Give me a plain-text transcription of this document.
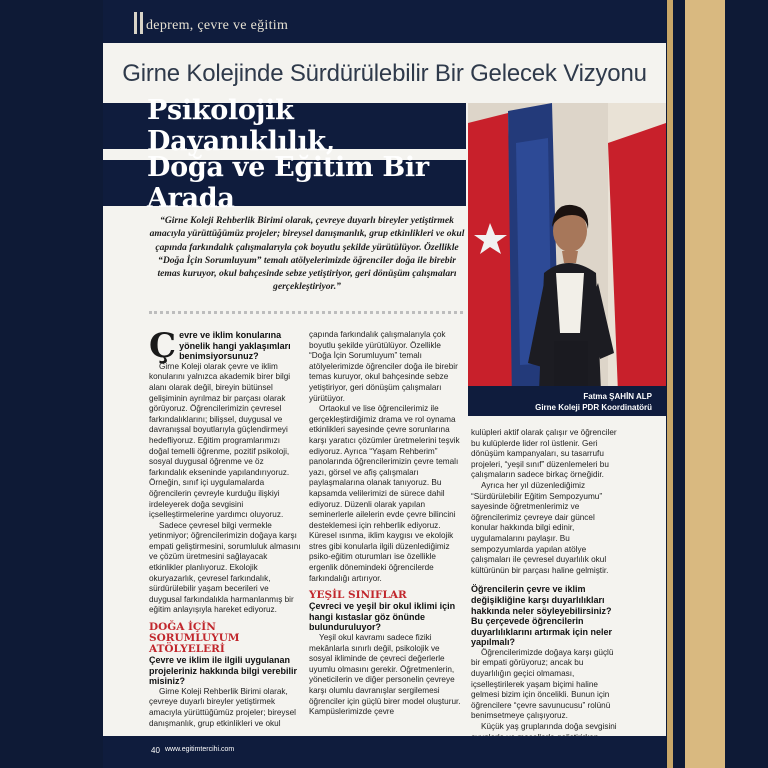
deprem, çevre ve eğitim
Girne Kolejinde Sürdürülebilir Bir Gelecek Vizyonu
Psikolojik Dayanıklılık,
Doğa ve Eğitim Bir Arada
Fatma ŞAHİN ALP
Girne Koleji PDR Koordinatörü
“Girne Koleji Rehberlik Birimi olarak, çevreye duyarlı bireyler yetiştirmek amacıyla yürüttüğümüz projeler; bireysel danışmanlık, grup etkinlikleri ve okul çapında farkındalık çalışmalarıyla çok boyutlu şekilde yürütülüyor. Özellikle “Doğa İçin Sorumluyum” temalı atölyelerimizde öğrenciler doğa ile birebir temas kuruyor, okul bahçesinde sebze yetiştiriyor, geri dönüşüm çalışmaları gerçekleştiriyor.”

Çevre ve iklim konularına yönelik hangi yaklaşımları benimsiyorsunuz?

Girne Koleji olarak çevre ve iklim konularını yalnızca akademik birer bilgi alanı olarak değil, bireyin bütünsel gelişiminin ayrılmaz bir parçası olarak görüyoruz. Öğrencilerimizin çevresel farkındalıklarını; bilişsel, duygusal ve davranışsal boyutlarıyla güçlendirmeyi hedefliyoruz. Eğitim programlarımızı doğal temelli öğrenme, pozitif psikoloji, sosyal duygusal öğrenme ve öz farkındalık ekseninde yapılandırıyoruz. Örneğin, sınıf içi uygulamalarda öğrencilerin çevreyle kurduğu ilişkiyi irdeleyerek doğa sevgisini içselleştirmelerine yardımcı oluyoruz.

Sadece çevresel bilgi vermekle yetinmiyor; öğrencilerimizin doğaya karşı empati geliştirmesini, sorumluluk almasını ve çözüm üretmesini sağlayacak etkinlikler planlıyoruz. Ekolojik okuryazarlık, çevresel farkındalık, sürdürülebilir yaşam becerileri ve duygusal farkındalıkla harmanlanmış bir eğitim anlayışıyla hareket ediyoruz.

DOĞA İÇİN SORUMLUYUM ATÖLYELERİ

Çevre ve iklim ile ilgili uygulanan projeleriniz hakkında bilgi verebilir misiniz?

Girne Koleji Rehberlik Birimi olarak, çevreye duyarlı bireyler yetiştirmek amacıyla yürüttüğümüz projeler; bireysel danışmanlık, grup etkinlikleri ve okul

çapında farkındalık çalışmalarıyla çok boyutlu şekilde yürütülüyor. Özellikle “Doğa İçin Sorumluyum” temalı atölyelerimizde öğrenciler doğa ile birebir temas kuruyor, okul bahçesinde sebze yetiştiriyor, geri dönüşüm çalışmaları yürütüyor.

Ortaokul ve lise öğrencilerimiz ile gerçekleştirdiğimiz drama ve rol oynama etkinlikleri sayesinde çevre sorunlarına karşı yaratıcı çözümler üretmelerini teşvik ediyoruz. Ayrıca “Yaşam Rehberim” panolarında öğrencilerimizin çevre temalı yazı, görsel ve afiş çalışmaları paylaşmalarına olanak tanıyoruz. Bu kapsamda velilerimizi de sürece dahil ediyoruz. Düzenli olarak yapılan seminerlerle ailelerin evde çevre bilincini desteklemesi için rehberlik ediyoruz. Küresel ısınma, iklim kaygısı ve ekolojik stres gibi konularla ilgili düzenlediğimiz psiko-eğitim oturumları ise özellikle ergenlik dönemindeki öğrencilerde farkındalığı artırıyor.

YEŞİL SINIFLAR

Çevreci ve yeşil bir okul iklimi için hangi kıstaslar göz önünde bulunduruluyor?

Yeşil okul kavramı sadece fiziki mekânlarla sınırlı değil, psikolojik ve sosyal ikliminde de çevreci değerlerle uyumlu olmasını gerekir. Öğretmenlerin, yöneticilerin ve diğer personelin çevreye karşı olumlu davranışlar sergilemesi öğrenciler için güçlü birer model oluşturur. Kampüslerimizde çevre

kulüpleri aktif olarak çalışır ve öğrenciler bu kulüplerde lider rol üstlenir. Geri dönüşüm kampanyaları, su tasarrufu projeleri, “yeşil sınıf” düzenlemeleri bu çalışmaların sadece birkaç örneğidir.

Ayrıca her yıl düzenlediğimiz “Sürdürülebilir Eğitim Sempozyumu” sayesinde öğretmenlerimiz ve öğrencilerimiz çevreye dair güncel konular hakkında bilgi edinir, uygulamalarını paylaşır. Bu sempozyumlarda yapılan atölye çalışmaları ile çevresel duyarlılık okul kültürünün bir parçası haline gelmiştir.

Öğrencilerin çevre ve iklim değişikliğine karşı duyarlılıkları hakkında neler söyleyebilirsiniz? Bu çerçevede öğrencilerin duyarlılıklarını artırmak için neler yapılmalı?

Öğrencilerimizde doğaya karşı güçlü bir empati görüyoruz; ancak bu duyarlılığın geçici olmaması, içselleştirilerek yaşam biçimi haline gelmesi bizim için öncelikli. Bunun için öğrencilere “çevre savunucusu” rolünü benimsetmeye çalışıyoruz.

Küçük yaş gruplarında doğa sevgisini

40 www.egitimtercihi.com
